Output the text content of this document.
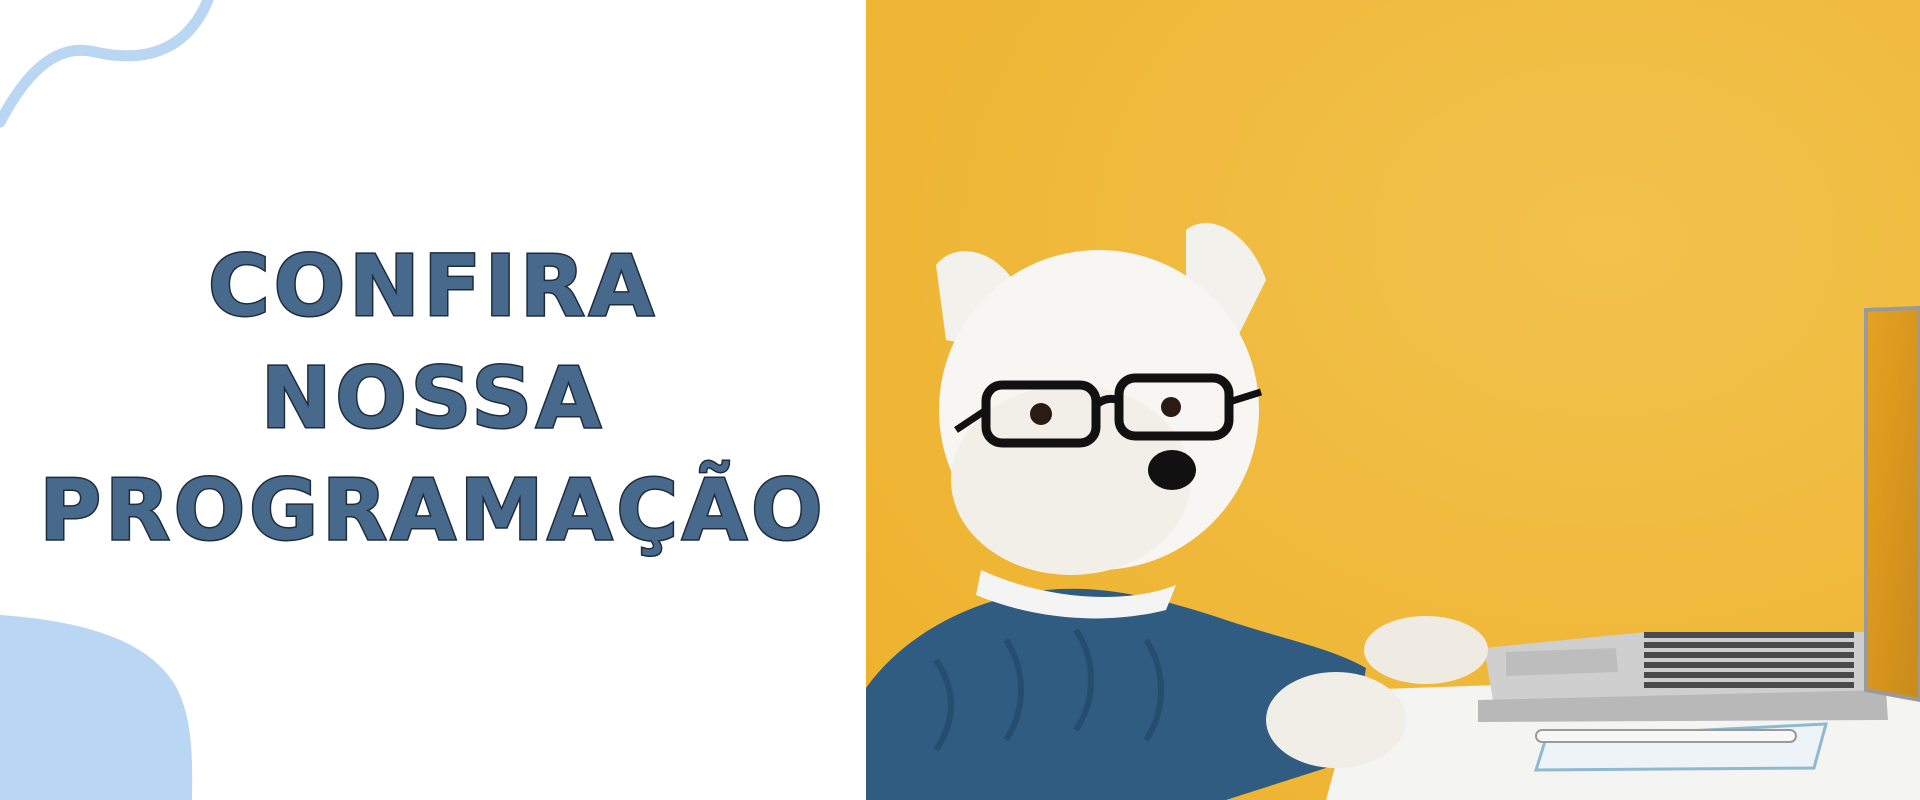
CONFIRA
NOSSA
PROGRAMAÇÃO
